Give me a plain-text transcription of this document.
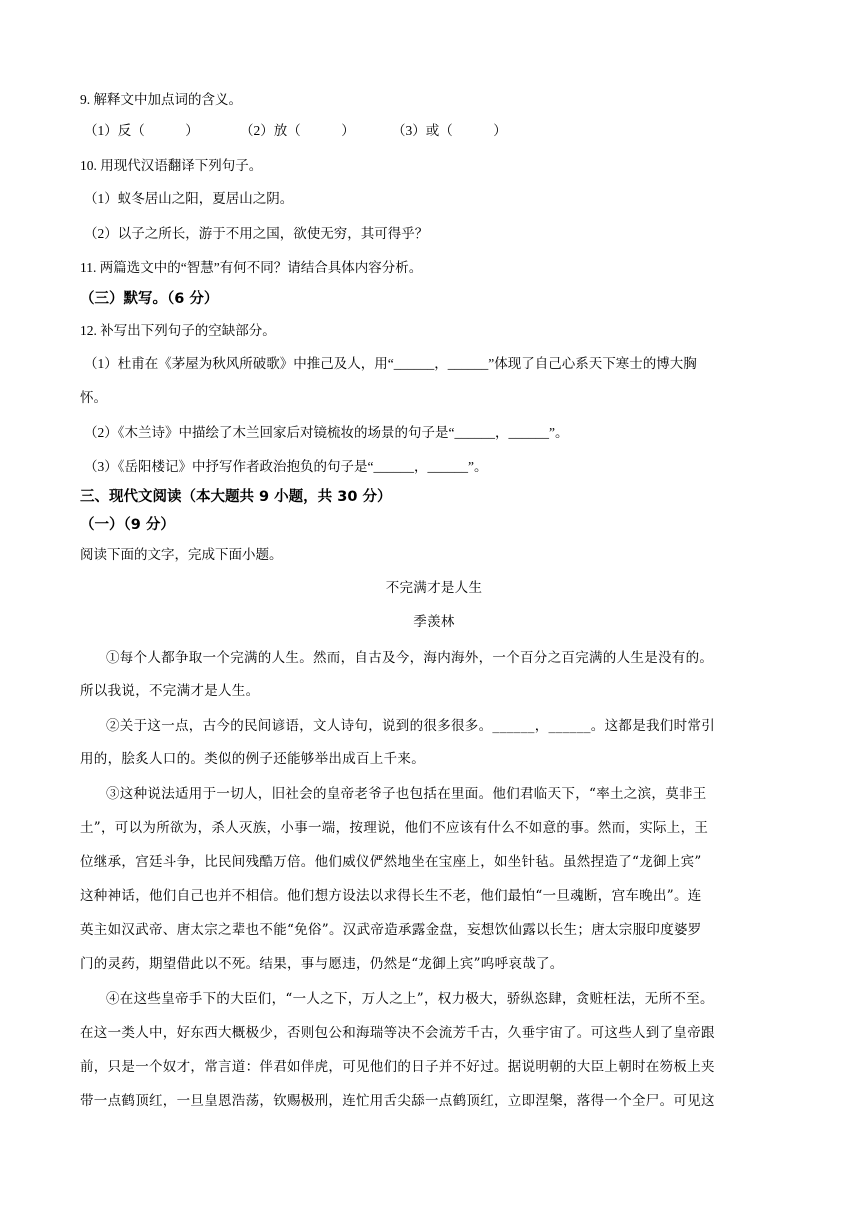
9. 解释文中加点词的含义。
（1）反（　　　）	（2）放（　　　）	（3）或（　　　）
10. 用现代汉语翻译下列句子。
（1）蚁冬居山之阳，夏居山之阴。
（2）以子之所长，游于不用之国，欲使无穷，其可得乎？
11. 两篇选文中的“智慧”有何不同？请结合具体内容分析。
（三）默写。（6 分）
12. 补写出下列句子的空缺部分。
（1）杜甫在《茅屋为秋风所破歌》中推己及人，用“______，______”体现了自己心系天下寒士的博大胸
怀。
（2）《木兰诗》中描绘了木兰回家后对镜梳妆的场景的句子是“______，______”。
（3）《岳阳楼记》中抒写作者政治抱负的句子是“______，______”。
三、现代文阅读（本大题共 9 小题，共 30 分）
（一）（9 分）
阅读下面的文字，完成下面小题。
不完满才是人生
季羡林
①每个人都争取一个完满的人生。然而，自古及今，海内海外，一个百分之百完满的人生是没有的。
所以我说，不完满才是人生。
②关于这一点，古今的民间谚语，文人诗句，说到的很多很多。______，______。这都是我们时常引
用的，脍炙人口的。类似的例子还能够举出成百上千来。
③这种说法适用于一切人，旧社会的皇帝老爷子也包括在里面。他们君临天下，“率土之滨，莫非王
土”，可以为所欲为，杀人灭族，小事一端，按理说，他们不应该有什么不如意的事。然而，实际上，王
位继承，宫廷斗争，比民间残酷万倍。他们威仪俨然地坐在宝座上，如坐针毡。虽然捏造了“龙御上宾”
这种神话，他们自己也并不相信。他们想方设法以求得长生不老，他们最怕“一旦魂断，宫车晚出”。连
英主如汉武帝、唐太宗之辈也不能“免俗”。汉武帝造承露金盘，妄想饮仙露以长生；唐太宗服印度婆罗
门的灵药，期望借此以不死。结果，事与愿违，仍然是“龙御上宾”呜呼哀哉了。
④在这些皇帝手下的大臣们，“一人之下，万人之上”，权力极大，骄纵恣肆，贪赃枉法，无所不至。
在这一类人中，好东西大概极少，否则包公和海瑞等决不会流芳千古，久垂宇宙了。可这些人到了皇帝跟
前，只是一个奴才，常言道：伴君如伴虎，可见他们的日子并不好过。据说明朝的大臣上朝时在笏板上夹
带一点鹤顶红，一旦皇恩浩荡，钦赐极刑，连忙用舌尖舔一点鹤顶红，立即涅槃，落得一个全尸。可见这
